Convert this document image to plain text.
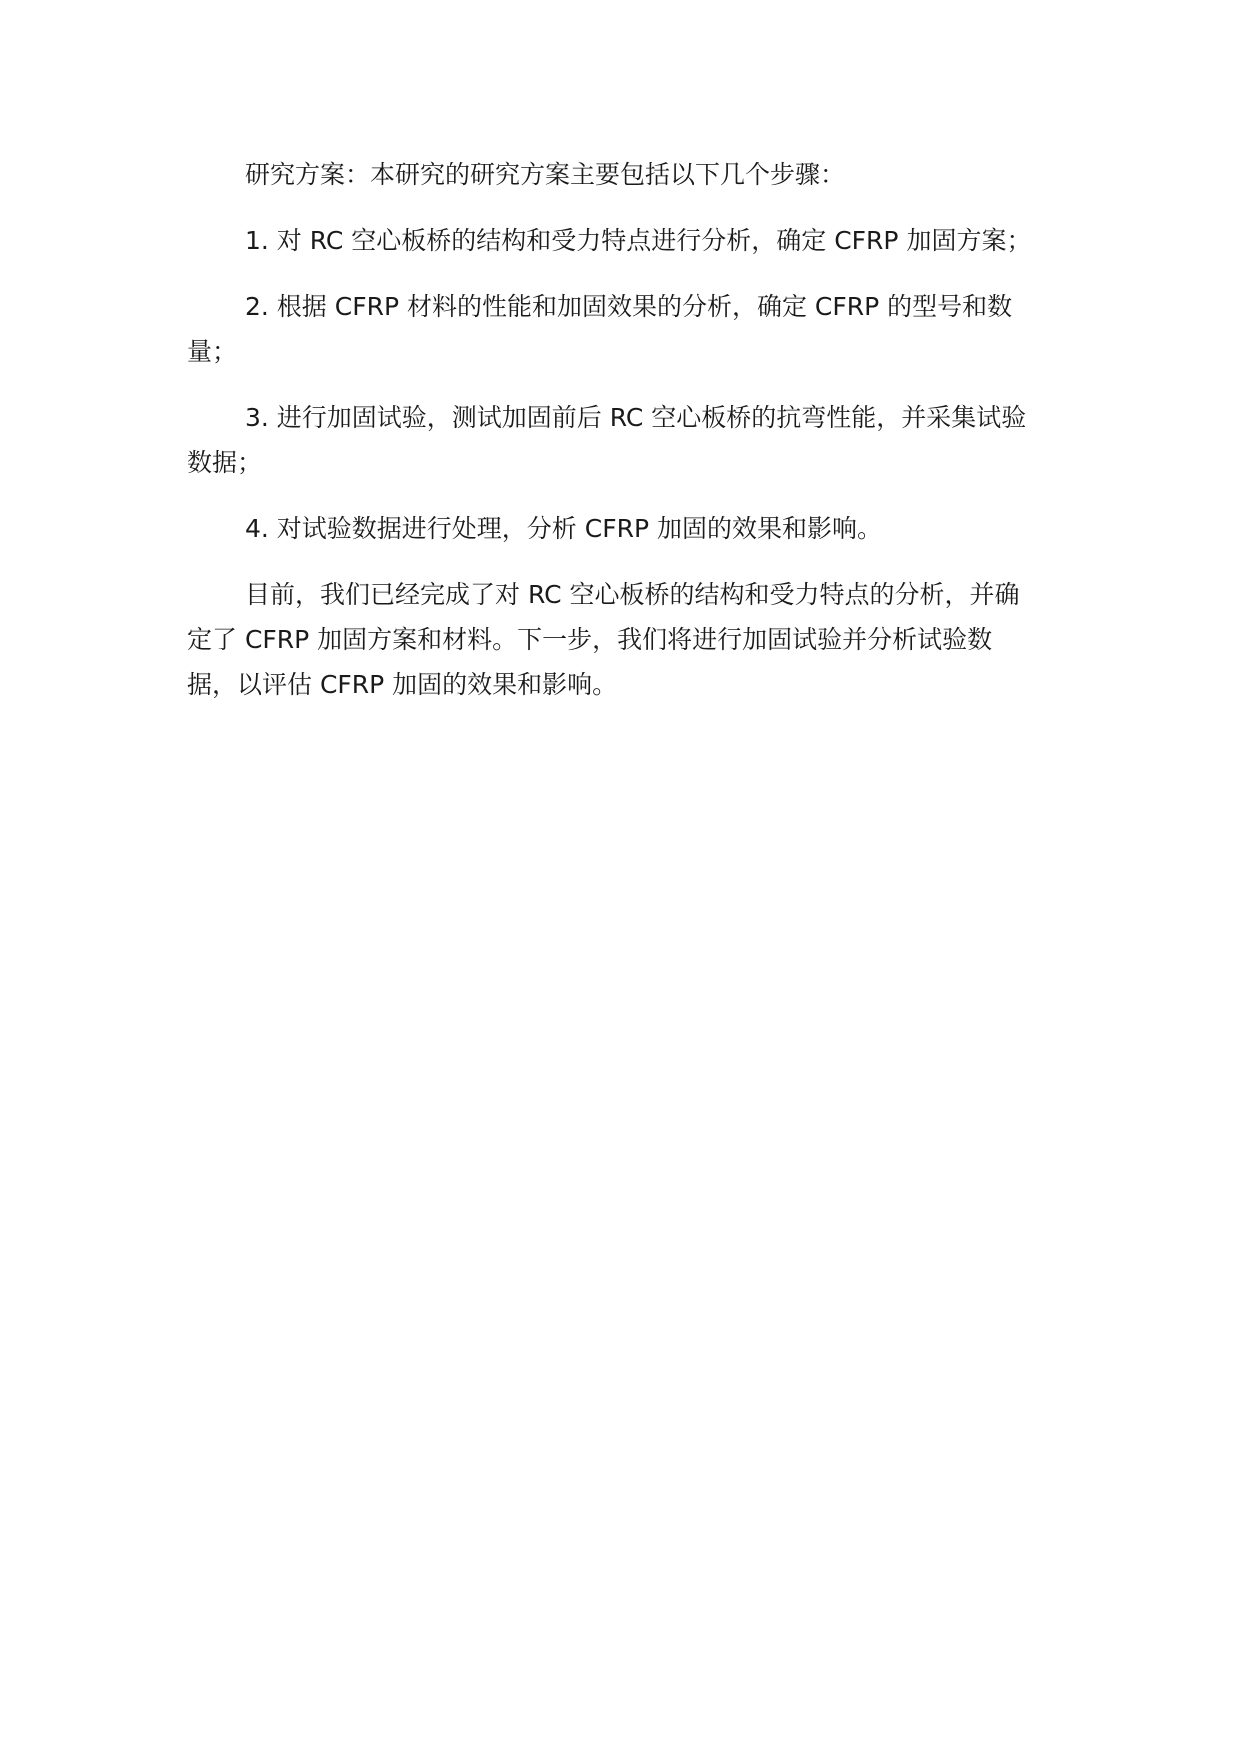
研究方案：本研究的研究方案主要包括以下几个步骤：

1. 对 RC 空心板桥的结构和受力特点进行分析，确定 CFRP 加固方案；

2. 根据 CFRP 材料的性能和加固效果的分析，确定 CFRP 的型号和数量；

3. 进行加固试验，测试加固前后 RC 空心板桥的抗弯性能，并采集试验数据；

4. 对试验数据进行处理，分析 CFRP 加固的效果和影响。

目前，我们已经完成了对 RC 空心板桥的结构和受力特点的分析，并确定了 CFRP 加固方案和材料。下一步，我们将进行加固试验并分析试验数据，以评估 CFRP 加固的效果和影响。
